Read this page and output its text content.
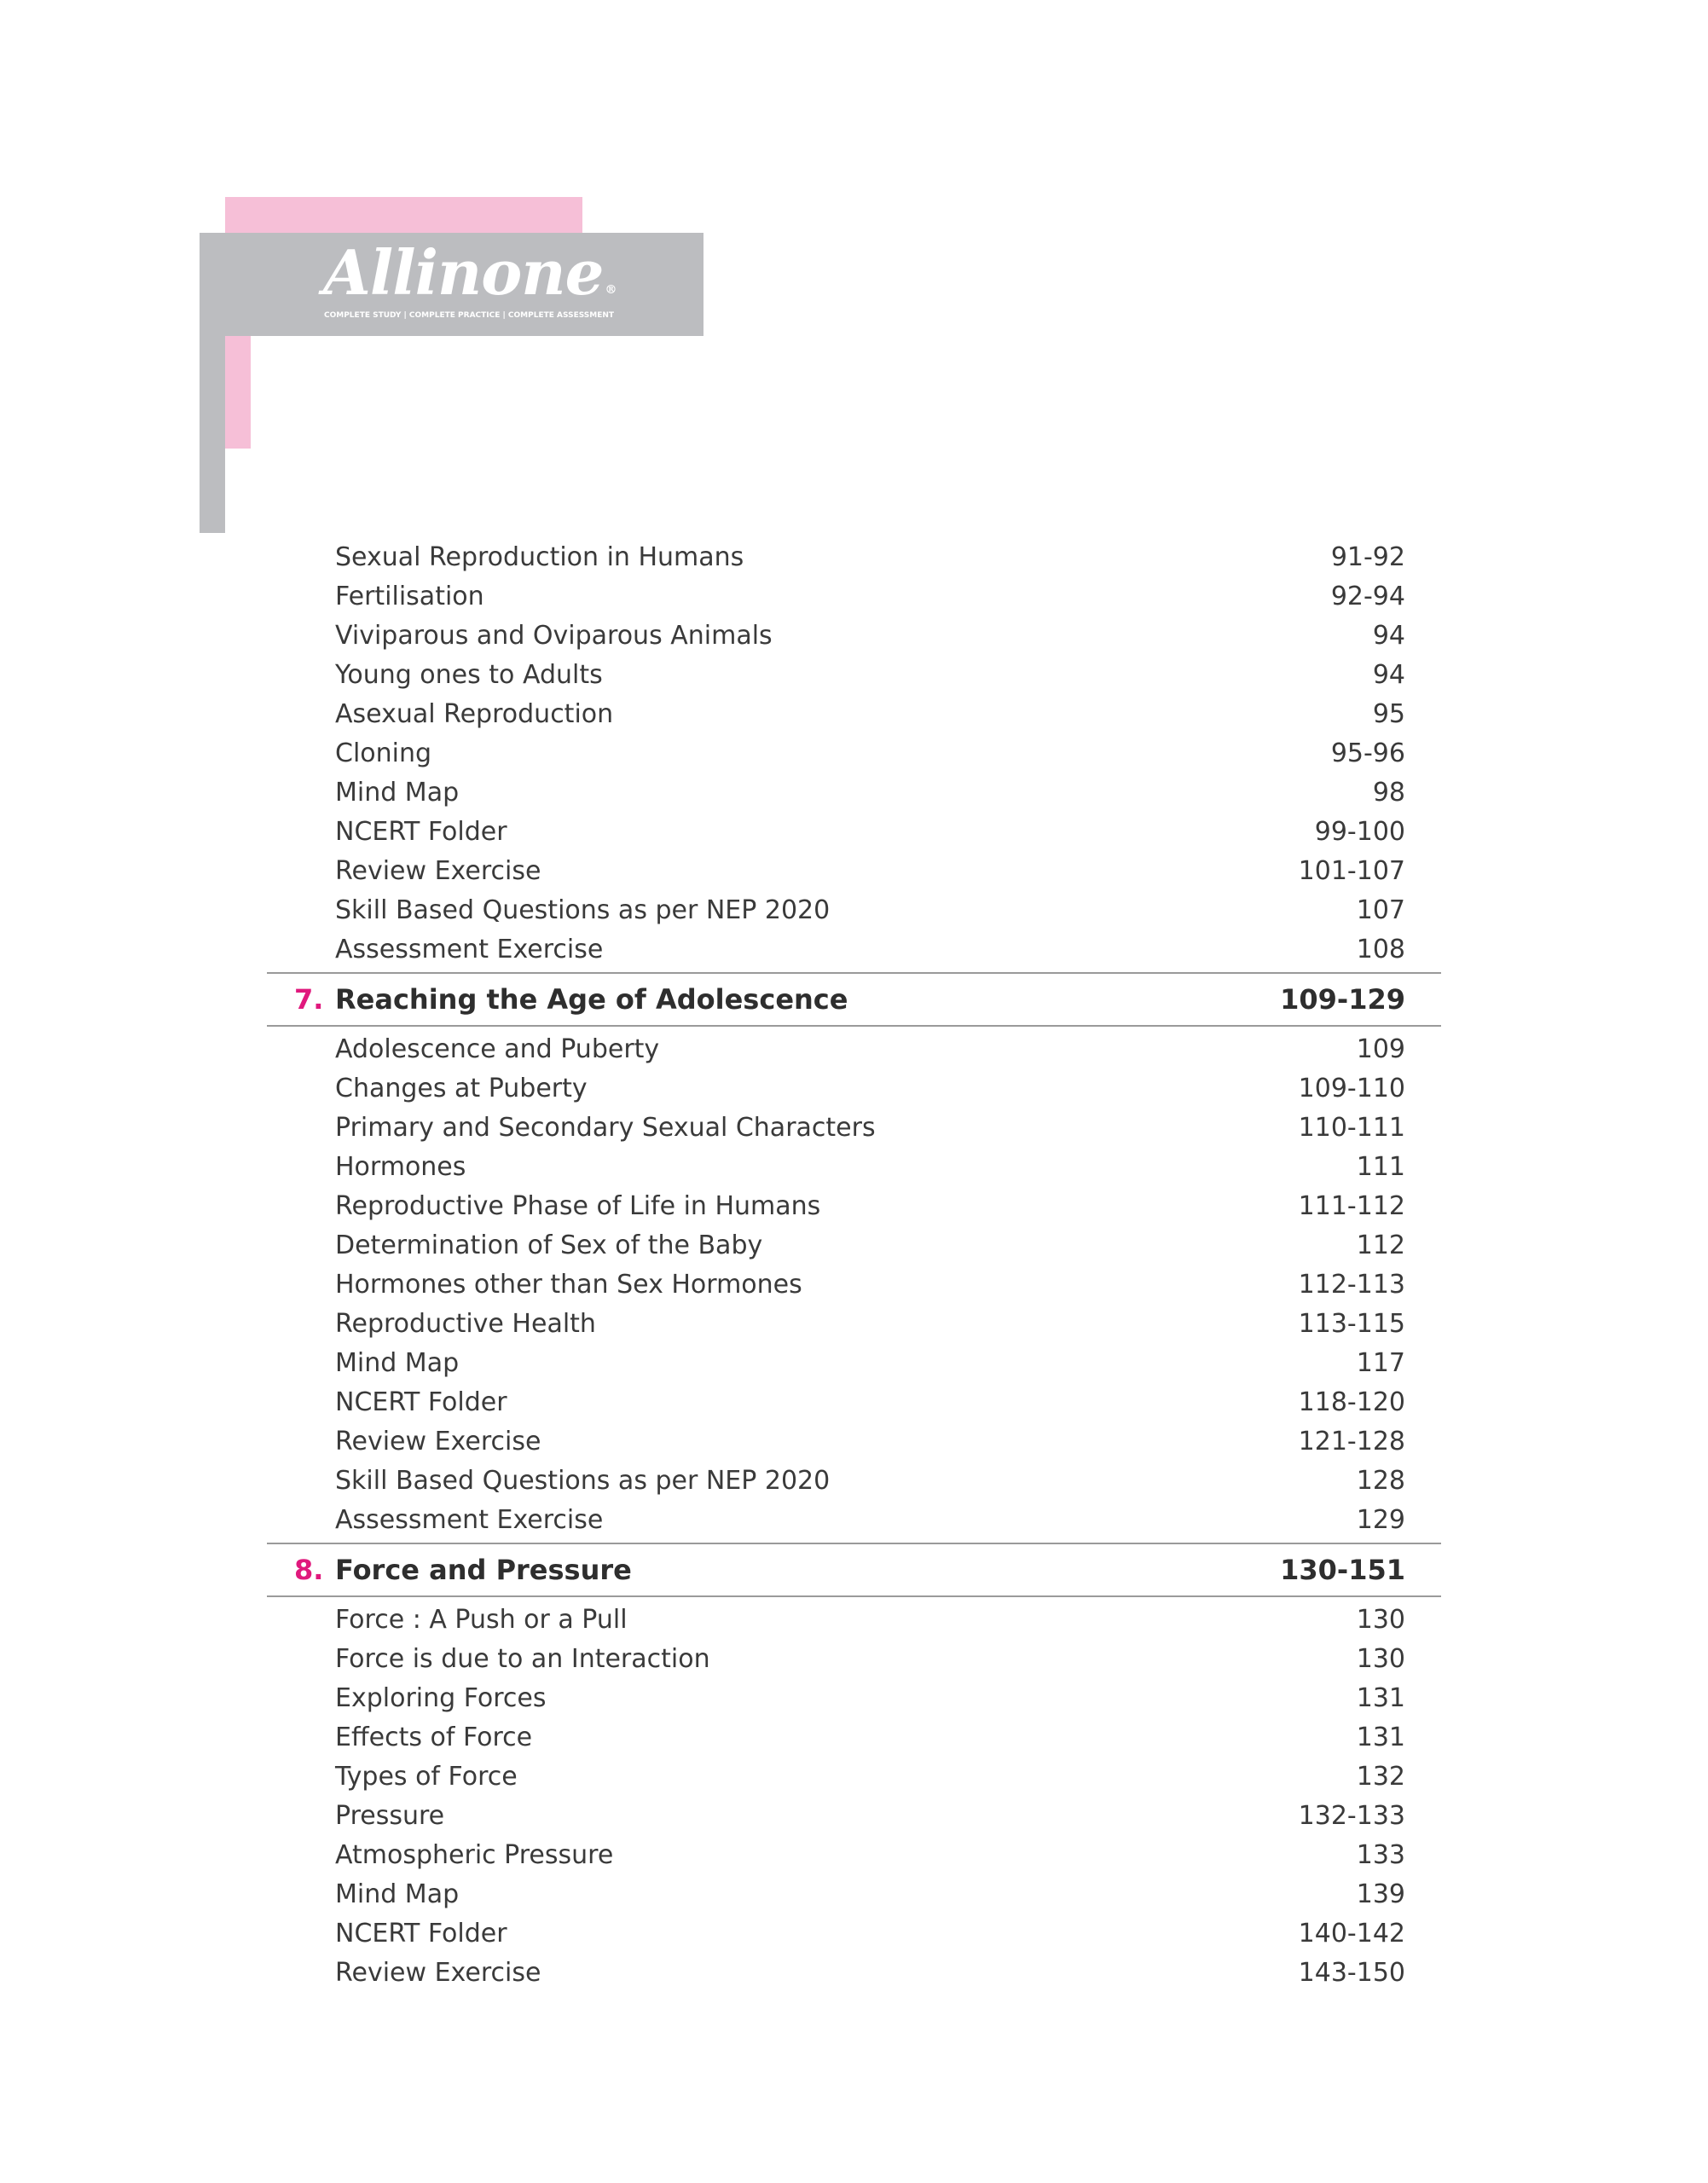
Allinone ®
COMPLETE STUDY | COMPLETE PRACTICE | COMPLETE ASSESSMENT
Sexual Reproduction in Humans	91-92
Fertilisation	92-94
Viviparous and Oviparous Animals	94
Young ones to Adults	94
Asexual Reproduction	95
Cloning	95-96
Mind Map	98
NCERT Folder	99-100
Review Exercise	101-107
Skill Based Questions as per NEP 2020	107
Assessment Exercise	108
7. Reaching the Age of Adolescence	109-129
Adolescence and Puberty	109
Changes at Puberty	109-110
Primary and Secondary Sexual Characters	110-111
Hormones	111
Reproductive Phase of Life in Humans	111-112
Determination of Sex of the Baby	112
Hormones other than Sex Hormones	112-113
Reproductive Health	113-115
Mind Map	117
NCERT Folder	118-120
Review Exercise	121-128
Skill Based Questions as per NEP 2020	128
Assessment Exercise	129
8. Force and Pressure	130-151
Force : A Push or a Pull	130
Force is due to an Interaction	130
Exploring Forces	131
Effects of Force	131
Types of Force	132
Pressure	132-133
Atmospheric Pressure	133
Mind Map	139
NCERT Folder	140-142
Review Exercise	143-150
